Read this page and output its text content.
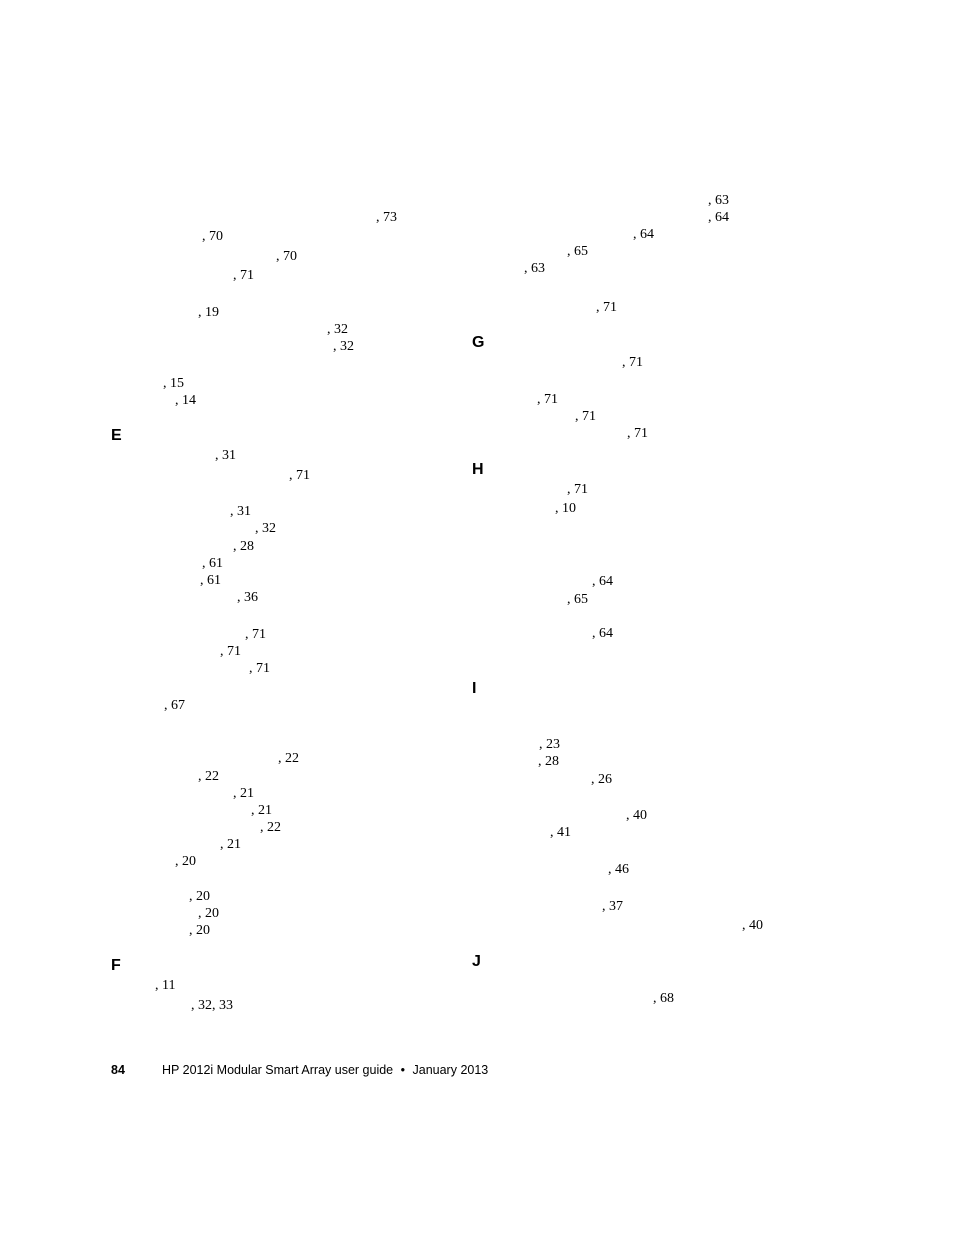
, 73
, 70
, 70
, 71
, 19
, 32
, 32
, 15
, 14
E
, 31
, 71
, 31
, 32
, 28
, 61
, 61
, 36
, 71
, 71
, 71
, 67
, 22
, 22
, 21
, 21
, 22
, 21
, 20
, 20
, 20
, 20
F
, 11
, 32, 33
, 63
, 64
, 64
, 65
, 63
, 71
G
, 71
, 71
, 71
, 71
H
, 71
, 10
, 64
, 65
, 64
I
, 23
, 28
, 26
, 40
, 41
, 46
, 37
, 40
J
, 68
84	HP 2012i Modular Smart Array user guide • January 2013
